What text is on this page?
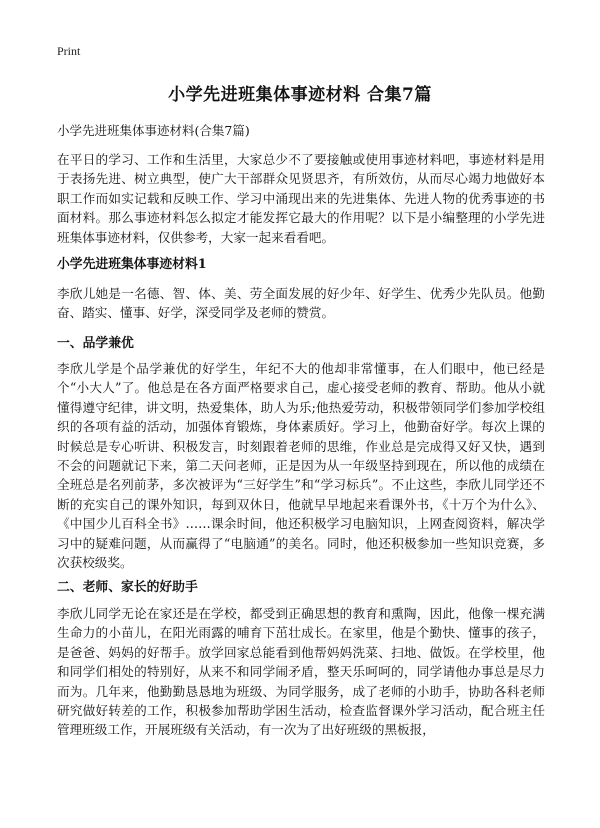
Print
小学先进班集体事迹材料 合集7篇

小学先进班集体事迹材料(合集7篇)

在平日的学习、工作和生活里，大家总少不了要接触或使用事迹材料吧，事迹材料是用于表扬先进、树立典型，使广大干部群众见贤思齐，有所效仿，从而尽心竭力地做好本职工作而如实记载和反映工作、学习中涌现出来的先进集体、先进人物的优秀事迹的书面材料。那么事迹材料怎么拟定才能发挥它最大的作用呢？以下是小编整理的小学先进班集体事迹材料，仅供参考，大家一起来看看吧。

小学先进班集体事迹材料1

李欣儿她是一名德、智、体、美、劳全面发展的好少年、好学生、优秀少先队员。他勤奋、踏实、懂事、好学，深受同学及老师的赞赏。

一、品学兼优

李欣儿学是个品学兼优的好学生，年纪不大的他却非常懂事，在人们眼中，他已经是个“小大人”了。他总是在各方面严格要求自己，虚心接受老师的教育、帮助。他从小就懂得遵守纪律，讲文明，热爱集体，助人为乐;他热爱劳动，积极带领同学们参加学校组织的各项有益的活动，加强体育锻炼，身体素质好。学习上，他勤奋好学。每次上课的时候总是专心听讲、积极发言，时刻跟着老师的思维，作业总是完成得又好又快，遇到不会的问题就记下来，第二天问老师，正是因为从一年级坚持到现在，所以他的成绩在全班总是名列前茅，多次被评为“三好学生”和“学习标兵”。不止这些，李欣儿同学还不断的充实自己的课外知识，每到双休日，他就早早地起来看课外书，《十万个为什么》、《中国少儿百科全书》……课余时间，他还积极学习电脑知识，上网查阅资料，解决学习中的疑难问题，从而赢得了“电脑通”的美名。同时，他还积极参加一些知识竞赛，多次获校级奖。

二、老师、家长的好助手

李欣儿同学无论在家还是在学校，都受到正确思想的教育和熏陶，因此，他像一棵充满生命力的小苗儿，在阳光雨露的哺育下茁壮成长。在家里，他是个勤快、懂事的孩子，是爸爸、妈妈的好帮手。放学回家总能看到他帮妈妈洗菜、扫地、做饭。在学校里，他和同学们相处的特别好，从来不和同学闹矛盾，整天乐呵呵的，同学请他办事总是尽力而为。几年来，他勤勤恳恳地为班级、为同学服务，成了老师的小助手，协助各科老师研究做好转差的工作，积极参加帮助学困生活动，检查监督课外学习活动，配合班主任管理班级工作，开展班级有关活动，有一次为了出好班级的黑板报，
